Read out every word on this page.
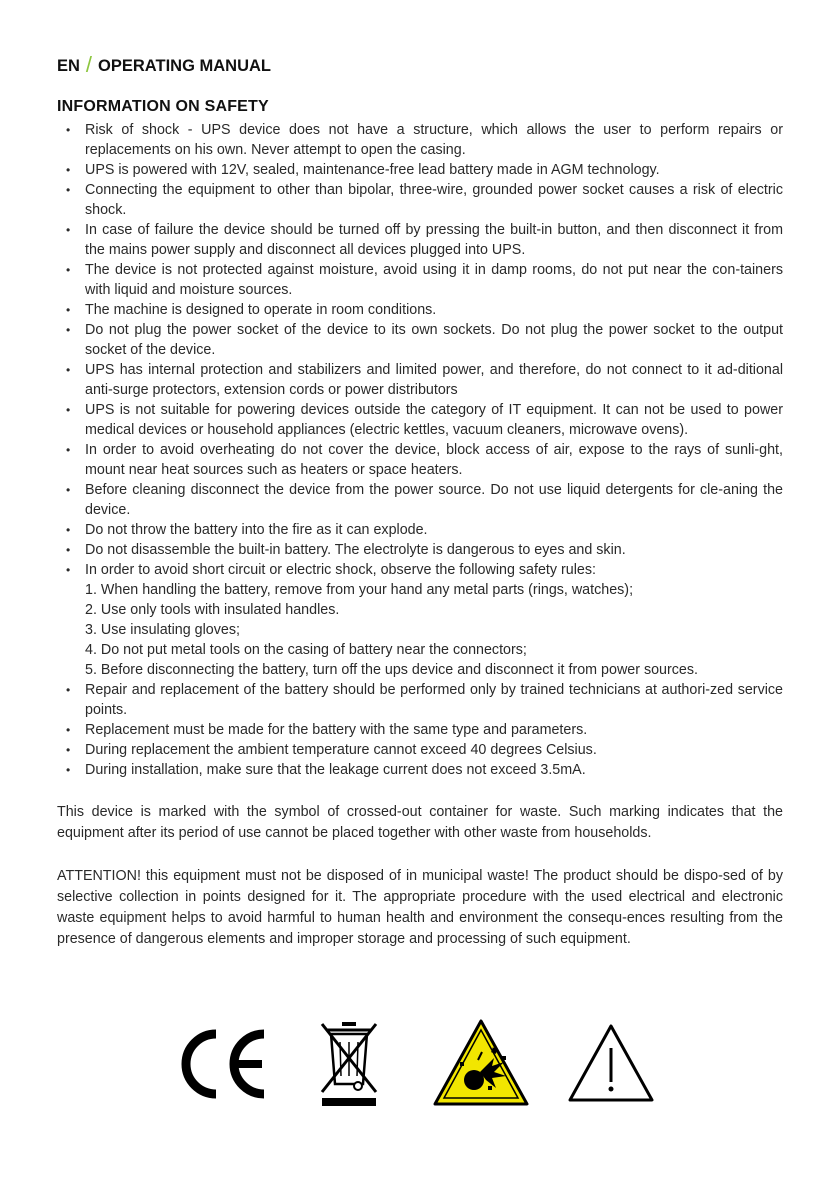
EN / OPERATING MANUAL
INFORMATION ON SAFETY
• Risk of shock - UPS device does not have a structure, which allows the user to perform repairs or replacements on his own. Never attempt to open the casing.
• UPS is powered with 12V, sealed, maintenance-free lead battery made in AGM technology.
• Connecting the equipment to other than bipolar, three-wire, grounded power socket causes a risk of electric shock.
• In case of failure the device should be turned off by pressing the built-in button, and then disconnect it from the mains power supply and disconnect all devices plugged into UPS.
• The device is not protected against moisture, avoid using it in damp rooms, do not put near the con-tainers with liquid and moisture sources.
• The machine is designed to operate in room conditions.
• Do not plug the power socket of the device to its own sockets. Do not plug the power socket to the output socket of the device.
• UPS has internal protection and stabilizers and limited power, and therefore, do not connect to it ad-ditional anti-surge protectors, extension cords or power distributors
• UPS is not suitable for powering devices outside the category of IT equipment. It can not be used to power medical devices or household appliances (electric kettles, vacuum cleaners, microwave ovens).
• In order to avoid overheating do not cover the device, block access of air, expose to the rays of sunli-ght, mount near heat sources such as heaters or space heaters.
• Before cleaning disconnect the device from the power source. Do not use liquid detergents for cle-aning the device.
• Do not throw the battery into the fire as it can explode.
• Do not disassemble the built-in battery. The electrolyte is dangerous to eyes and skin.
• In order to avoid short circuit or electric shock, observe the following safety rules:
1. When handling the battery, remove from your hand any metal parts (rings, watches);
2. Use only tools with insulated handles.
3. Use insulating gloves;
4. Do not put metal tools on the casing of battery near the connectors;
5. Before disconnecting the battery, turn off the ups device and disconnect it from power sources.
• Repair and replacement of the battery should be performed only by trained technicians at authori-zed service points.
• Replacement must be made for the battery with the same type and parameters.
• During replacement the ambient temperature cannot exceed 40 degrees Celsius.
• During installation, make sure that the leakage current does not exceed 3.5mA.

This device is marked with the symbol of crossed-out container for waste. Such marking indicates that the equipment after its period of use cannot be placed together with other waste from households.

ATTENTION! this equipment must not be disposed of in municipal waste! The product should be dispo-sed of by selective collection in points designed for it. The appropriate procedure with the used electrical and electronic waste equipment helps to avoid harmful to human health and environment the consequ-ences resulting from the presence of dangerous elements and improper storage and processing of such equipment.
